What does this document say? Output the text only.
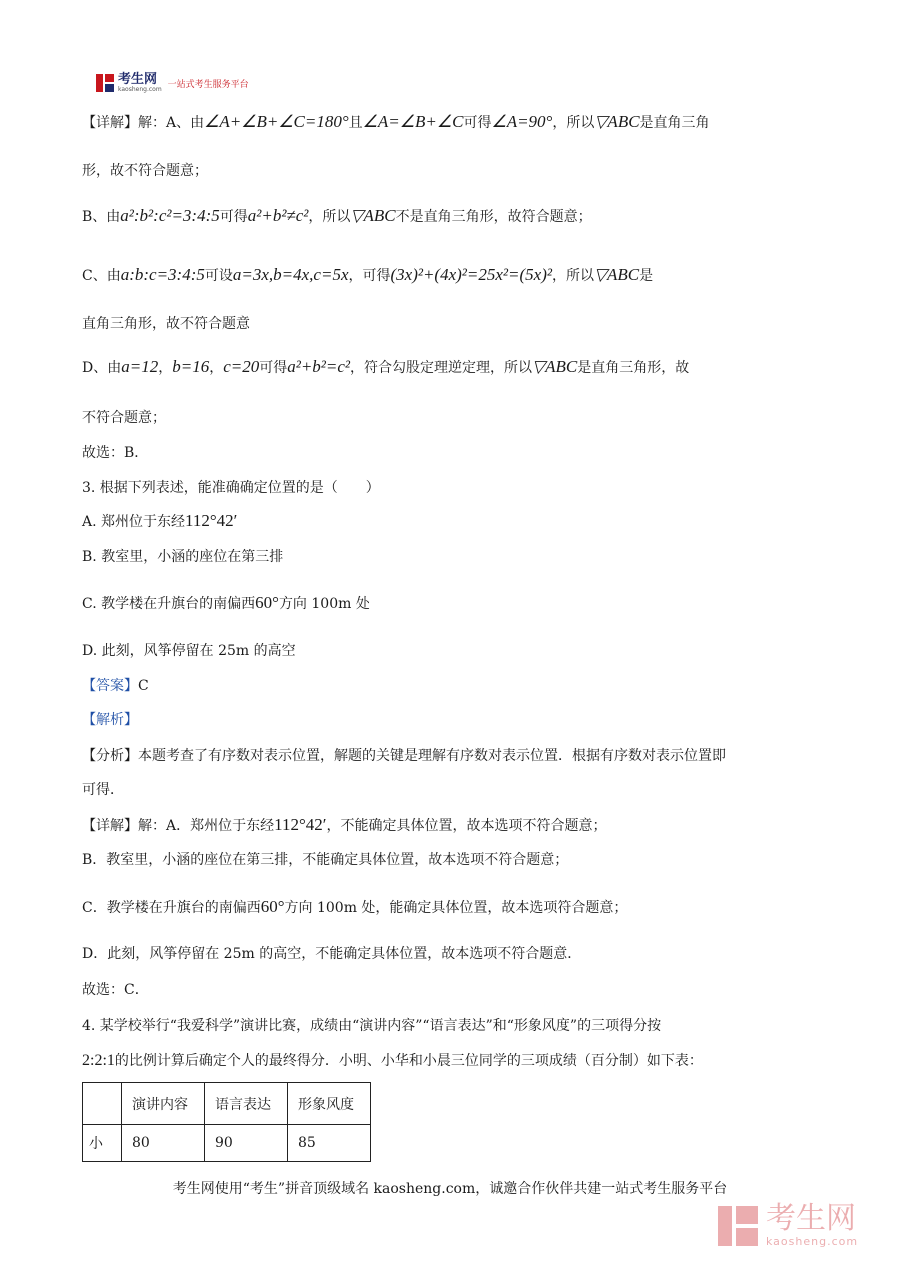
考生网
kaosheng.com 一站式考生服务平台
【详解】解：A、由∠A+∠B+∠C=180°且∠A=∠B+∠C可得∠A=90°，所以▽ABC是直角三角
形，故不符合题意；
B、由a²:b²:c²=3:4:5可得a²+b²≠c²，所以▽ABC不是直角三角形，故符合题意；
C、由a:b:c=3:4:5可设a=3x,b=4x,c=5x，可得(3x)²+(4x)²=25x²=(5x)²，所以▽ABC是
直角三角形，故不符合题意
D、由a=12，b=16，c=20可得a²+b²=c²，符合勾股定理逆定理，所以▽ABC是直角三角形，故
不符合题意；
故选：B．
3. 根据下列表述，能准确确定位置的是（　　）
A. 郑州位于东经112°42′
B. 教室里，小涵的座位在第三排
C. 教学楼在升旗台的南偏西60°方向 100m 处
D. 此刻，风筝停留在 25m 的高空
【答案】C
【解析】
【分析】本题考查了有序数对表示位置，解题的关键是理解有序数对表示位置．根据有序数对表示位置即
可得．
【详解】解：A．郑州位于东经112°42′，不能确定具体位置，故本选项不符合题意；
B．教室里，小涵的座位在第三排，不能确定具体位置，故本选项不符合题意；
C．教学楼在升旗台的南偏西60°方向 100m 处，能确定具体位置，故本选项符合题意；
D．此刻，风筝停留在 25m 的高空，不能确定具体位置，故本选项不符合题意．
故选：C．
4. 某学校举行“我爱科学”演讲比赛，成绩由“演讲内容”“语言表达”和“形象风度”的三项得分按
2:2:1的比例计算后确定个人的最终得分．小明、小华和小晨三位同学的三项成绩（百分制）如下表：
	演讲内容	语言表达	形象风度
小	80	90	85
考生网使用“考生”拼音顶级域名 kaosheng.com，诚邀合作伙伴共建一站式考生服务平台
考生网
kaosheng.com
